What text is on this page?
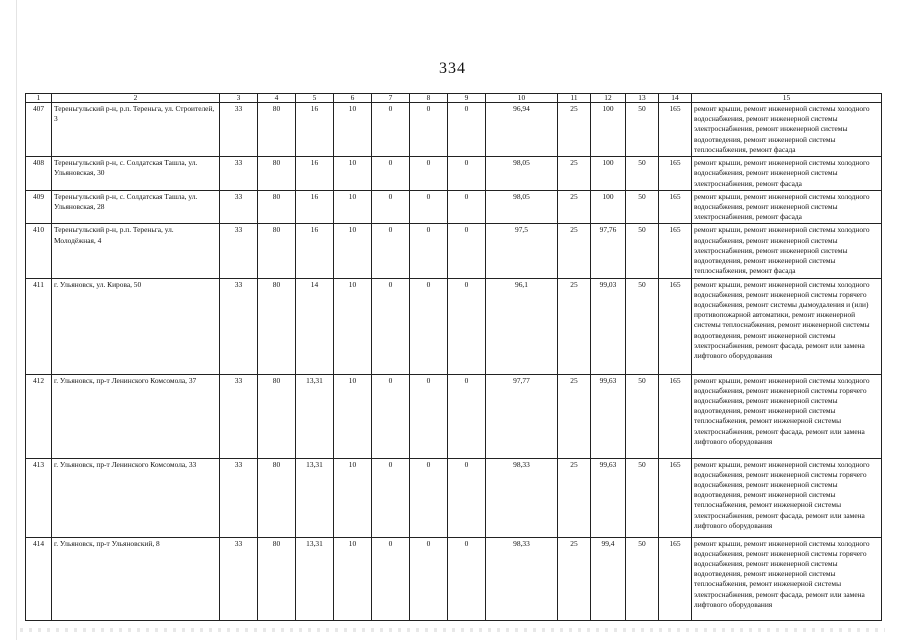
334
1	2	3	4	5	6	7	8	9	10	11	12	13	14	15
407	Тереньгульский р-н, р.п. Тереньга, ул. Строителей, 3	33	80	16	10	0	0	0	96,94	25	100	50	165	ремонт крыши, ремонт инженерной системы холодного водоснабжения, ремонт инженерной системы электроснабжения, ремонт инженерной системы водоотведения, ремонт инженерной системы теплоснабжения, ремонт фасада
408	Тереньгульский р-н, с. Солдатская Ташла, ул. Ульяновская, 30	33	80	16	10	0	0	0	98,05	25	100	50	165	ремонт крыши, ремонт инженерной системы холодного водоснабжения, ремонт инженерной системы электроснабжения, ремонт фасада
409	Тереньгульский р-н, с. Солдатская Ташла, ул. Ульяновская, 28	33	80	16	10	0	0	0	98,05	25	100	50	165	ремонт крыши, ремонт инженерной системы холодного водоснабжения, ремонт инженерной системы электроснабжения, ремонт фасада
410	Тереньгульский р-н, р.п. Тереньга, ул. Молодёжная, 4	33	80	16	10	0	0	0	97,5	25	97,76	50	165	ремонт крыши, ремонт инженерной системы холодного водоснабжения, ремонт инженерной системы электроснабжения, ремонт инженерной системы водоотведения, ремонт инженерной системы теплоснабжения, ремонт фасада
411	г. Ульяновск, ул. Кирова, 50	33	80	14	10	0	0	0	96,1	25	99,03	50	165	ремонт крыши, ремонт инженерной системы холодного водоснабжения, ремонт инженерной системы горячего водоснабжения, ремонт системы дымоудаления и (или) противопожарной автоматики, ремонт инженерной системы теплоснабжения, ремонт инженерной системы водоотведения, ремонт инженерной системы электроснабжения, ремонт фасада, ремонт или замена лифтового оборудования
412	г. Ульяновск, пр-т Ленинского Комсомола, 37	33	80	13,31	10	0	0	0	97,77	25	99,63	50	165	ремонт крыши, ремонт инженерной системы холодного водоснабжения, ремонт инженерной системы горячего водоснабжения, ремонт инженерной системы водоотведения, ремонт инженерной системы теплоснабжения, ремонт инженерной системы электроснабжения, ремонт фасада, ремонт или замена лифтового оборудования
413	г. Ульяновск, пр-т Ленинского Комсомола, 33	33	80	13,31	10	0	0	0	98,33	25	99,63	50	165	ремонт крыши, ремонт инженерной системы холодного водоснабжения, ремонт инженерной системы горячего водоснабжения, ремонт инженерной системы водоотведения, ремонт инженерной системы теплоснабжения, ремонт инженерной системы электроснабжения, ремонт фасада, ремонт или замена лифтового оборудования
414	г. Ульяновск, пр-т Ульяновский, 8	33	80	13,31	10	0	0	0	98,33	25	99,4	50	165	ремонт крыши, ремонт инженерной системы холодного водоснабжения, ремонт инженерной системы горячего водоснабжения, ремонт инженерной системы водоотведения, ремонт инженерной системы теплоснабжения, ремонт инженерной системы электроснабжения, ремонт фасада, ремонт или замена лифтового оборудования
